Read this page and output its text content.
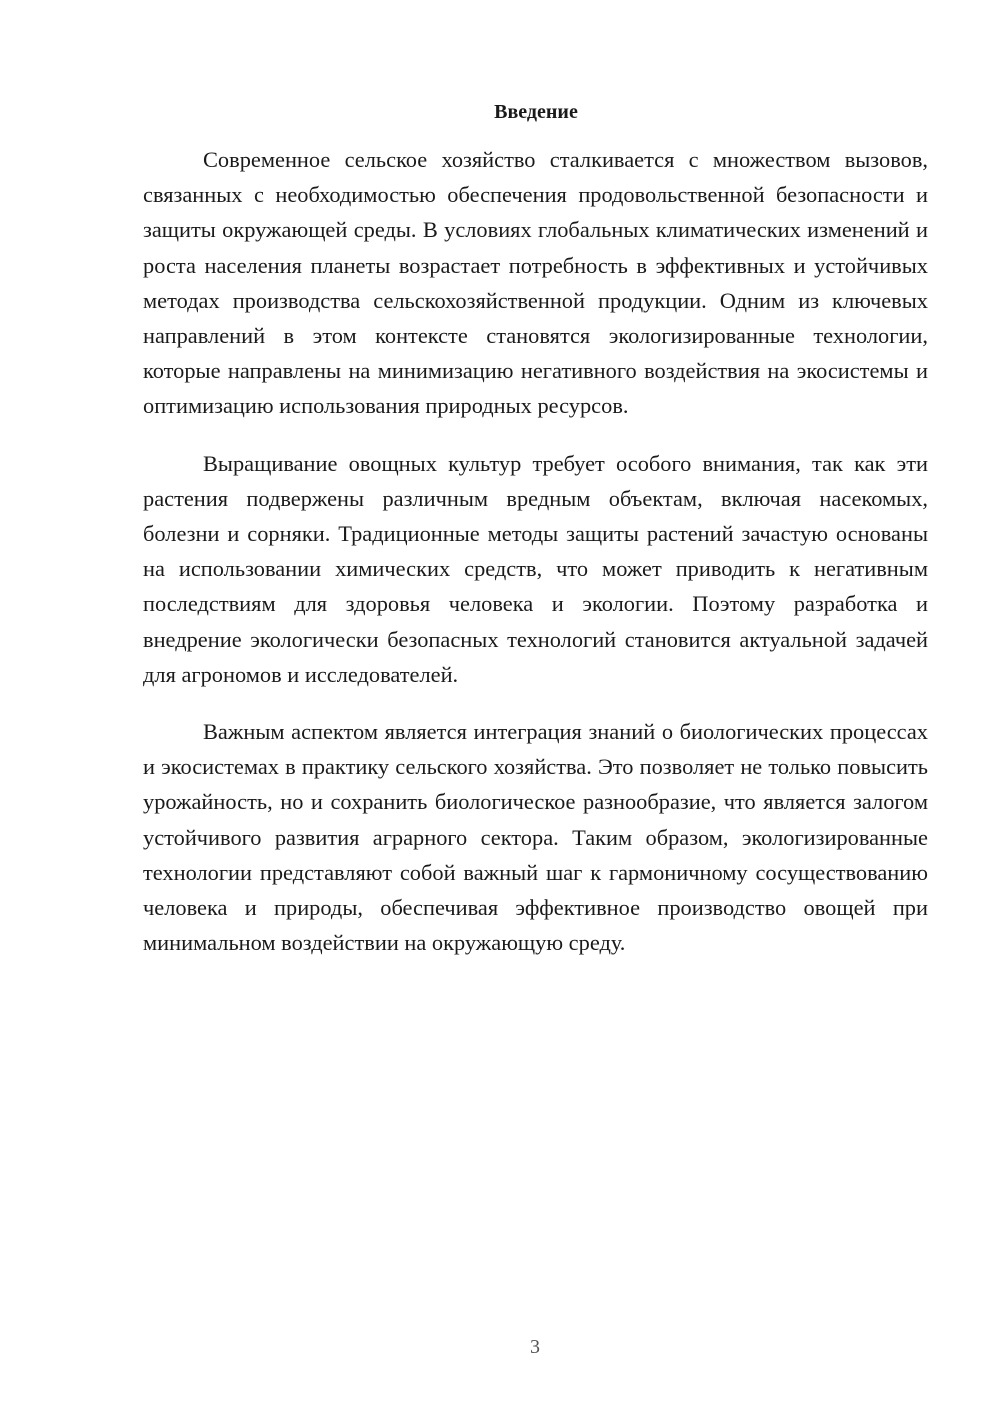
Введение

Современное сельское хозяйство сталкивается с множеством вызовов, связанных с необходимостью обеспечения продовольственной безопасности и защиты окружающей среды. В условиях глобальных климатических изменений и роста населения планеты возрастает потребность в эффективных и устойчивых методах производства сельскохозяйственной продукции. Одним из ключевых направлений в этом контексте становятся экологизированные технологии, которые направлены на минимизацию негативного воздействия на экосистемы и оптимизацию использования природных ресурсов.

Выращивание овощных культур требует особого внимания, так как эти растения подвержены различным вредным объектам, включая насекомых, болезни и сорняки. Традиционные методы защиты растений зачастую основаны на использовании химических средств, что может приводить к негативным последствиям для здоровья человека и экологии. Поэтому разработка и внедрение экологически безопасных технологий становится актуальной задачей для агрономов и исследователей.

Важным аспектом является интеграция знаний о биологических процессах и экосистемах в практику сельского хозяйства. Это позволяет не только повысить урожайность, но и сохранить биологическое разнообразие, что является залогом устойчивого развития аграрного сектора. Таким образом, экологизированные технологии представляют собой важный шаг к гармоничному сосуществованию человека и природы, обеспечивая эффективное производство овощей при минимальном воздействии на окружающую среду.

3
